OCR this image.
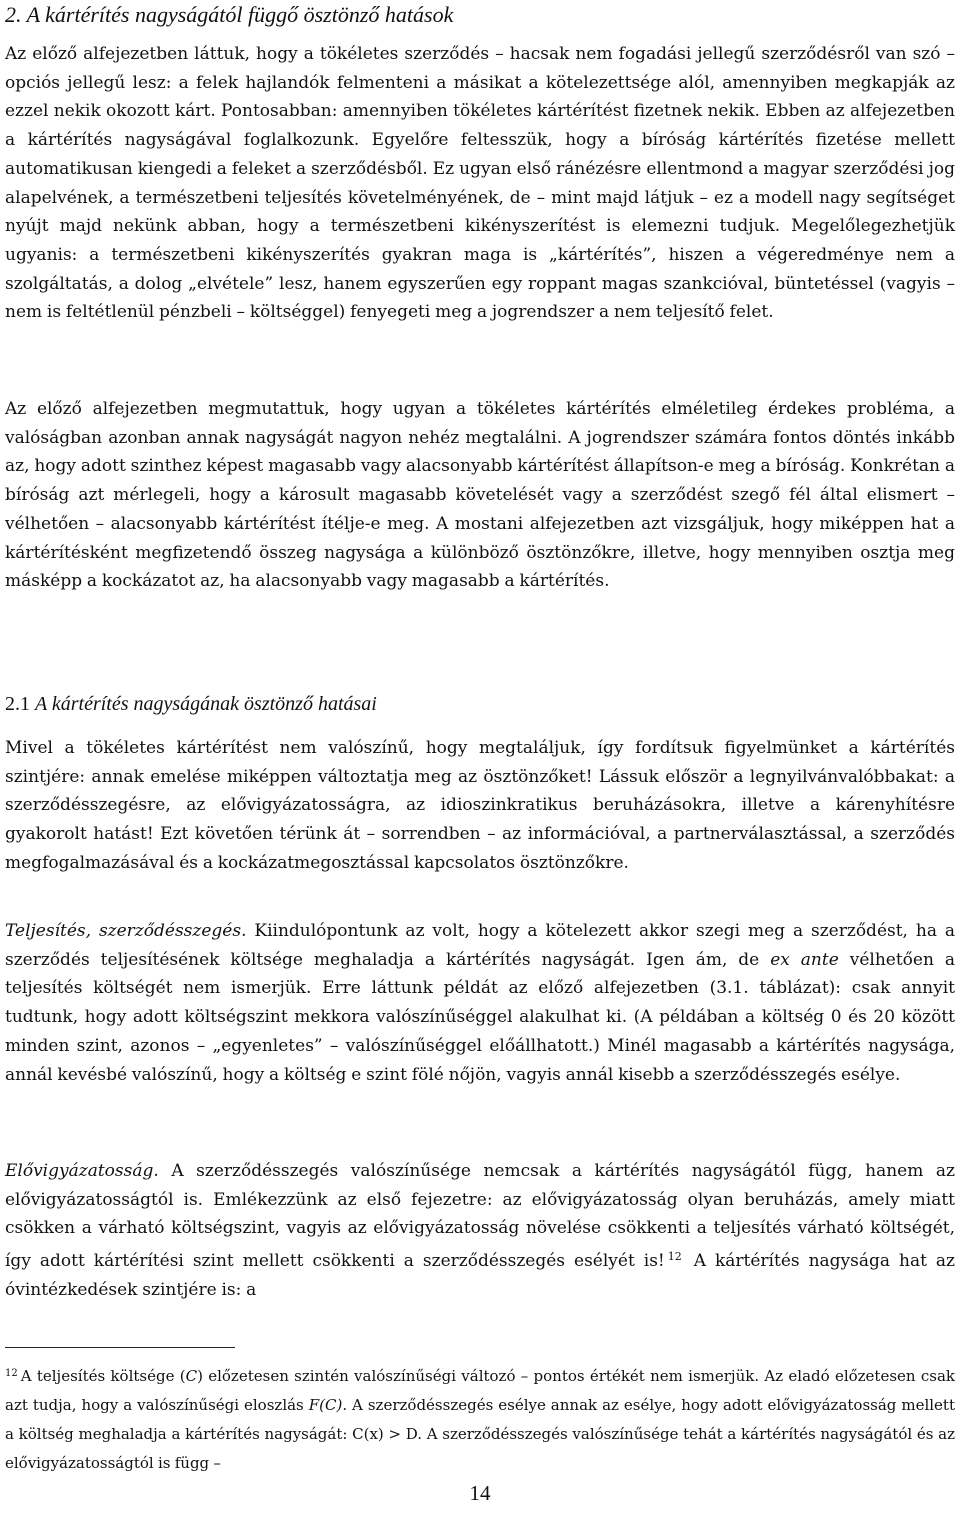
2. A kártérítés nagyságától függő ösztönző hatások

Az előző alfejezetben láttuk, hogy a tökéletes szerződés – hacsak nem fogadási jellegű szerződésről van szó – opciós jellegű lesz: a felek hajlandók felmenteni a másikat a kötelezettsége alól, amennyiben megkapják az ezzel nekik okozott kárt. Pontosabban: amennyiben tökéletes kártérítést fizetnek nekik. Ebben az alfejezetben a kártérítés nagyságával foglalkozunk. Egyelőre feltesszük, hogy a bíróság kártérítés fizetése mellett automatikusan kiengedi a feleket a szerződésből. Ez ugyan első ránézésre ellentmond a magyar szerződési jog alapelvének, a természetbeni teljesítés követelményének, de – mint majd látjuk – ez a modell nagy segítséget nyújt majd nekünk abban, hogy a természetbeni kikényszerítést is elemezni tudjuk. Megelőlegezhetjük ugyanis: a természetbeni kikényszerítés gyakran maga is „kártérítés”, hiszen a végeredménye nem a szolgáltatás, a dolog „elvétele” lesz, hanem egyszerűen egy roppant magas szankcióval, büntetéssel (vagyis – nem is feltétlenül pénzbeli – költséggel) fenyegeti meg a jogrendszer a nem teljesítő felet.

Az előző alfejezetben megmutattuk, hogy ugyan a tökéletes kártérítés elméletileg érdekes probléma, a valóságban azonban annak nagyságát nagyon nehéz megtalálni. A jogrendszer számára fontos döntés inkább az, hogy adott szinthez képest magasabb vagy alacsonyabb kártérítést állapítson-e meg a bíróság. Konkrétan a bíróság azt mérlegeli, hogy a károsult magasabb követelését vagy a szerződést szegő fél által elismert – vélhetően – alacsonyabb kártérítést ítélje-e meg. A mostani alfejezetben azt vizsgáljuk, hogy miképpen hat a kártérítésként megfizetendő összeg nagysága a különböző ösztönzőkre, illetve, hogy mennyiben osztja meg másképp a kockázatot az, ha alacsonyabb vagy magasabb a kártérítés.

2.1 A kártérítés nagyságának ösztönző hatásai

Mivel a tökéletes kártérítést nem valószínű, hogy megtaláljuk, így fordítsuk figyelmünket a kártérítés szintjére: annak emelése miképpen változtatja meg az ösztönzőket! Lássuk először a legnyilvánvalóbbakat: a szerződésszegésre, az elővigyázatosságra, az idioszinkratikus beruházásokra, illetve a kárenyhítésre gyakorolt hatást! Ezt követően térünk át – sorrendben – az információval, a partnerválasztással, a szerződés megfogalmazásával és a kockázatmegosztással kapcsolatos ösztönzőkre.

Teljesítés, szerződésszegés. Kiindulópontunk az volt, hogy a kötelezett akkor szegi meg a szerződést, ha a szerződés teljesítésének költsége meghaladja a kártérítés nagyságát. Igen ám, de ex ante vélhetően a teljesítés költségét nem ismerjük. Erre láttunk példát az előző alfejezetben (3.1. táblázat): csak annyit tudtunk, hogy adott költségszint mekkora valószínűséggel alakulhat ki. (A példában a költség 0 és 20 között minden szint, azonos – „egyenletes” – valószínűséggel előállhatott.) Minél magasabb a kártérítés nagysága, annál kevésbé valószínű, hogy a költség e szint fölé nőjön, vagyis annál kisebb a szerződésszegés esélye.

Elővigyázatosság. A szerződésszegés valószínűsége nemcsak a kártérítés nagyságától függ, hanem az elővigyázatosságtól is. Emlékezzünk az első fejezetre: az elővigyázatosság olyan beruházás, amely miatt csökken a várható költségszint, vagyis az elővigyázatosság növelése csökkenti a teljesítés várható költségét, így adott kártérítési szint mellett csökkenti a szerződésszegés esélyét is! $^{12}$ A kártérítés nagysága hat az óvintézkedések szintjére is: a

$^{12}$ A teljesítés költsége (C) előzetesen szintén valószínűségi változó – pontos értékét nem ismerjük. Az eladó előzetesen csak azt tudja, hogy a valószínűségi eloszlás F(C). A szerződésszegés esélye annak az esélye, hogy adott elővigyázatosság mellett a költség meghaladja a kártérítés nagyságát: C(x) > D. A szerződésszegés valószínűsége tehát a kártérítés nagyságától és az elővigyázatosságtól is függ –

14
